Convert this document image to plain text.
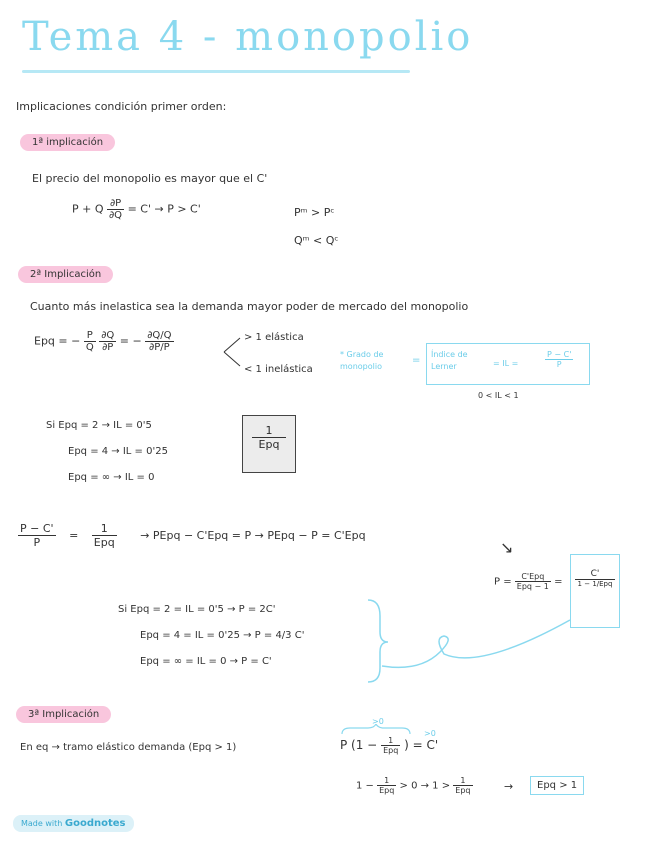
Tema 4 - monopolio
Implicaciones condición primer orden:
1ª implicación
El precio del monopolio es mayor que el C'
P + Q $\frac{\partial P}{\partial Q} = C' \to P > C'$	Pᵐ > Pᶜ
Qᵐ < Qᶜ
2ª Implicación
Cuanto más inelastica sea la demanda mayor poder de mercado del monopolio
Epq = − $\frac{P}{Q}$
$\frac{\partial Q}{\partial P}$ = − $\frac{\partial Q/Q}{\partial P/P}$	> 1 elástica
< 1 inelástica
* Grado de monopolio
=
Índice de Lerner	= IL =	$\frac{P - C'}{P}$
0 < IL < 1
Si Epq = 2 → IL = 0'5
Epq = 4 → IL = 0'25
Epq = ∞ → IL = 0
$\frac{1}{\text{Epq}}$
$\frac{P - C'}{P} = \frac{1}{\text{Epq}}$ → PEpq − C'Epq = P → PEpq − P = C'Epq
↘
$P = \frac{\text{C'Epq}}{\text{Epq − 1}} = \frac{C'}{\text{1 − 1/Epq}}$
Si Epq = 2 = IL = 0'5 → P = 2C'
Epq = 4 = IL = 0'25 → P = 4/3 C'
Epq = ∞ = IL = 0 → P = C'
3ª Implicación
En eq → tramo elástico demanda (Epq > 1)
>0
>0
P ($1 - \frac{1}{\text{Epq}}$ ) = C'
$1 - \frac{1}{\text{Epq}} > 0 \to 1 > \frac{1}{\text{Epq}}$	→	Epq > 1
Made with Goodnotes
